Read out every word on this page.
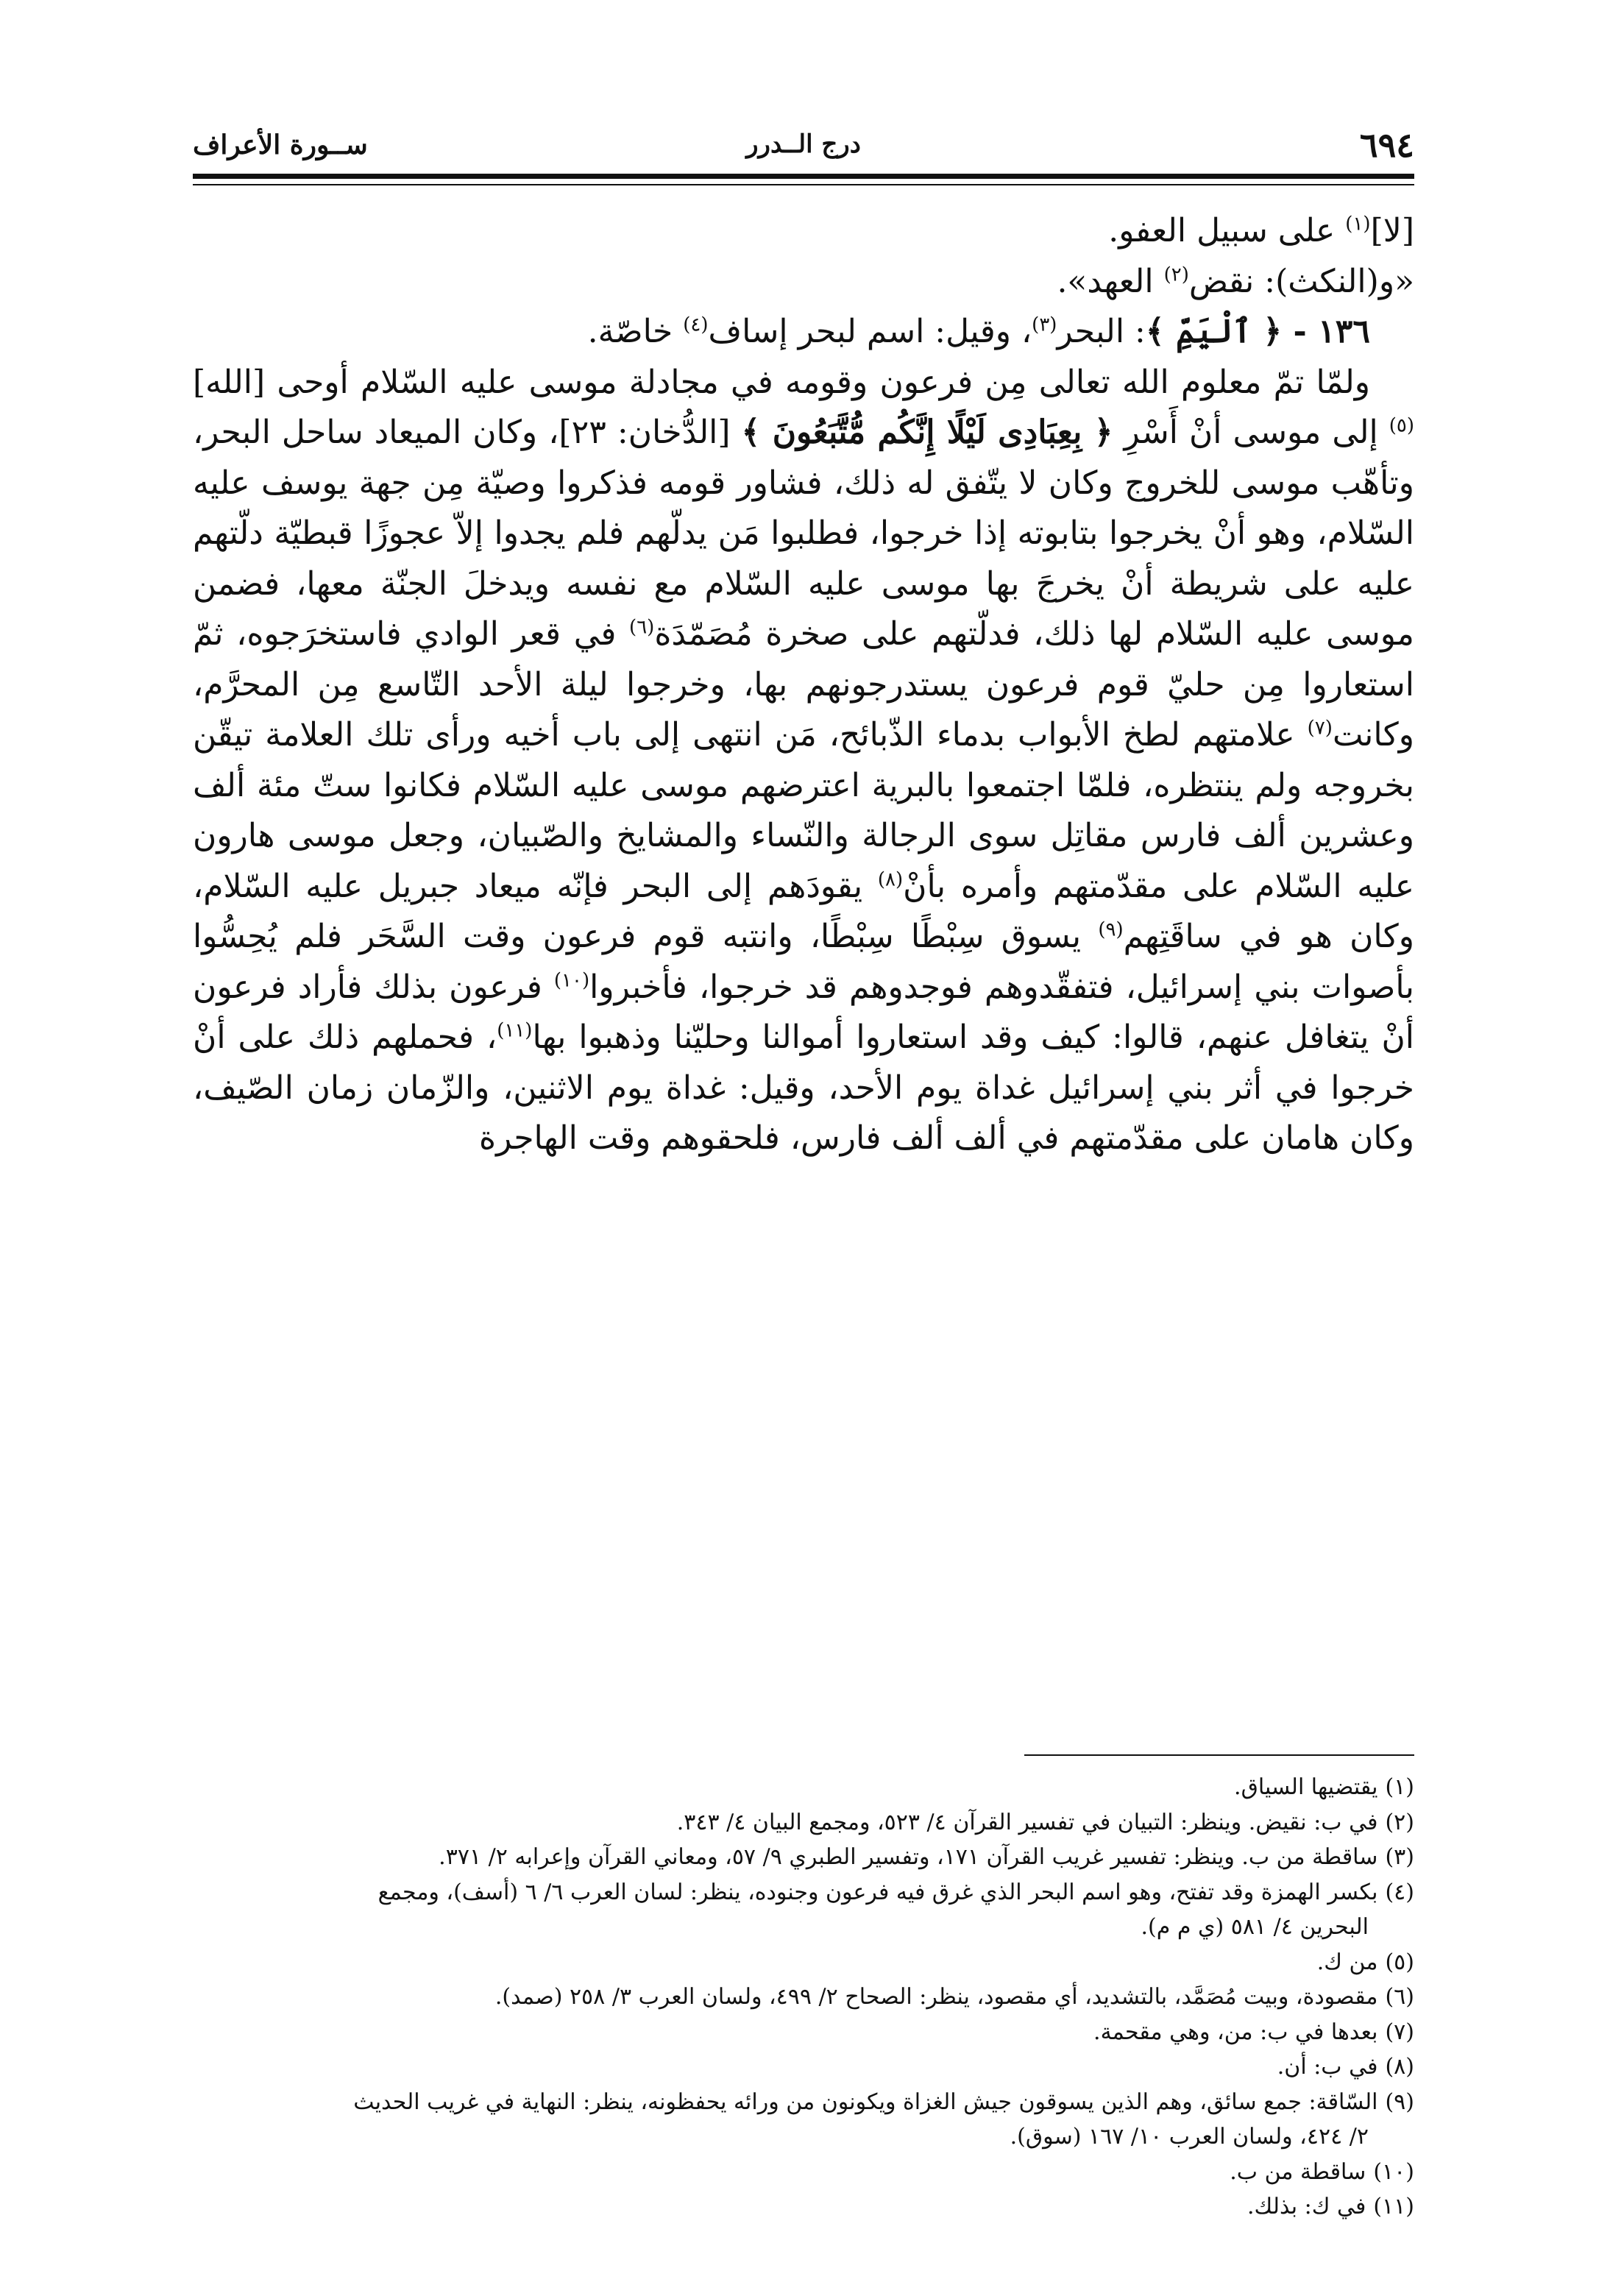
٦٩٤
درج الــدرر
ســورة الأعراف

[لا]$^{(١)}$ على سبيل العفو.

«و(النكث): نقض$^{(٢)}$ العهد».

١٣٦ - ﴿ ٱلْيَمِّ ﴾: البحر$^{(٣)}$، وقيل: اسم لبحر إساف$^{(٤)}$ خاصّة.

ولمّا تمّ معلوم الله تعالى مِن فرعون وقومه في مجادلة موسى عليه السّلام أوحى [الله]$^{(٥)}$ إلى موسى أنْ أَسْرِ ﴿ بِعِبَادِى لَيْلًا إِنَّكُم مُّتَّبَعُونَ ﴾ [الدُّخان: ٢٣]، وكان الميعاد ساحل البحر، وتأهّب موسى للخروج وكان لا يتّفق له ذلك، فشاور قومه فذكروا وصيّة مِن جهة يوسف عليه السّلام، وهو أنْ يخرجوا بتابوته إذا خرجوا، فطلبوا مَن يدلّهم فلم يجدوا إلاّ عجوزًا قبطيّة دلّتهم عليه على شريطة أنْ يخرجَ بها موسى عليه السّلام مع نفسه ويدخلَ الجنّة معها، فضمن موسى عليه السّلام لها ذلك، فدلّتهم على صخرة مُصَمّدَة$^{(٦)}$ في قعر الوادي فاستخرَجوه، ثمّ استعاروا مِن حليّ قوم فرعون يستدرجونهم بها، وخرجوا ليلة الأحد التّاسع مِن المحرَّم، وكانت$^{(٧)}$ علامتهم لطخ الأبواب بدماء الذّبائح، مَن انتهى إلى باب أخيه ورأى تلك العلامة تيقّن بخروجه ولم ينتظره، فلمّا اجتمعوا بالبرية اعترضهم موسى عليه السّلام فكانوا ستّ مئة ألف وعشرين ألف فارس مقاتِل سوى الرجالة والنّساء والمشايخ والصّبيان، وجعل موسى هارون عليه السّلام على مقدّمتهم وأمره بأنْ$^{(٨)}$ يقودَهم إلى البحر فإنّه ميعاد جبريل عليه السّلام، وكان هو في ساقَتِهم$^{(٩)}$ يسوق سِبْطًا سِبْطًا، وانتبه قوم فرعون وقت السَّحَر فلم يُحِسُّوا بأصوات بني إسرائيل، فتفقّدوهم فوجدوهم قد خرجوا، فأخبروا$^{(١٠)}$ فرعون بذلك فأراد فرعون أنْ يتغافل عنهم، قالوا: كيف وقد استعاروا أموالنا وحليّنا وذهبوا بها$^{(١١)}$، فحملهم ذلك على أنْ خرجوا في أثر بني إسرائيل غداة يوم الأحد، وقيل: غداة يوم الاثنين، والزّمان زمان الصّيف، وكان هامان على مقدّمتهم في ألف ألف فارس، فلحقوهم وقت الهاجرة

(١)يقتضيها السياق.

(٢)في ب: نقيض. وينظر: التبيان في تفسير القرآن ٤/ ٥٢٣، ومجمع البيان ٤/ ٣٤٣.

(٣)ساقطة من ب. وينظر: تفسير غريب القرآن ١٧١، وتفسير الطبري ٩/ ٥٧، ومعاني القرآن وإعرابه ٢/ ٣٧١.

(٤)بكسر الهمزة وقد تفتح، وهو اسم البحر الذي غرق فيه فرعون وجنوده، ينظر: لسان العرب ٦/ ٦ (أسف)، ومجمع

البحرين ٤/ ٥٨١ (ي م م).

(٥)من ك.

(٦)مقصودة، وبيت مُصَمَّد، بالتشديد، أي مقصود، ينظر: الصحاح ٢/ ٤٩٩، ولسان العرب ٣/ ٢٥٨ (صمد).

(٧)بعدها في ب: من، وهي مقحمة.

(٨)في ب: أن.

(٩)السّاقة: جمع سائق، وهم الذين يسوقون جيش الغزاة ويكونون من ورائه يحفظونه، ينظر: النهاية في غريب الحديث

٢/ ٤٢٤، ولسان العرب ١٠/ ١٦٧ (سوق).

(١٠)ساقطة من ب.

(١١)في ك: بذلك.
